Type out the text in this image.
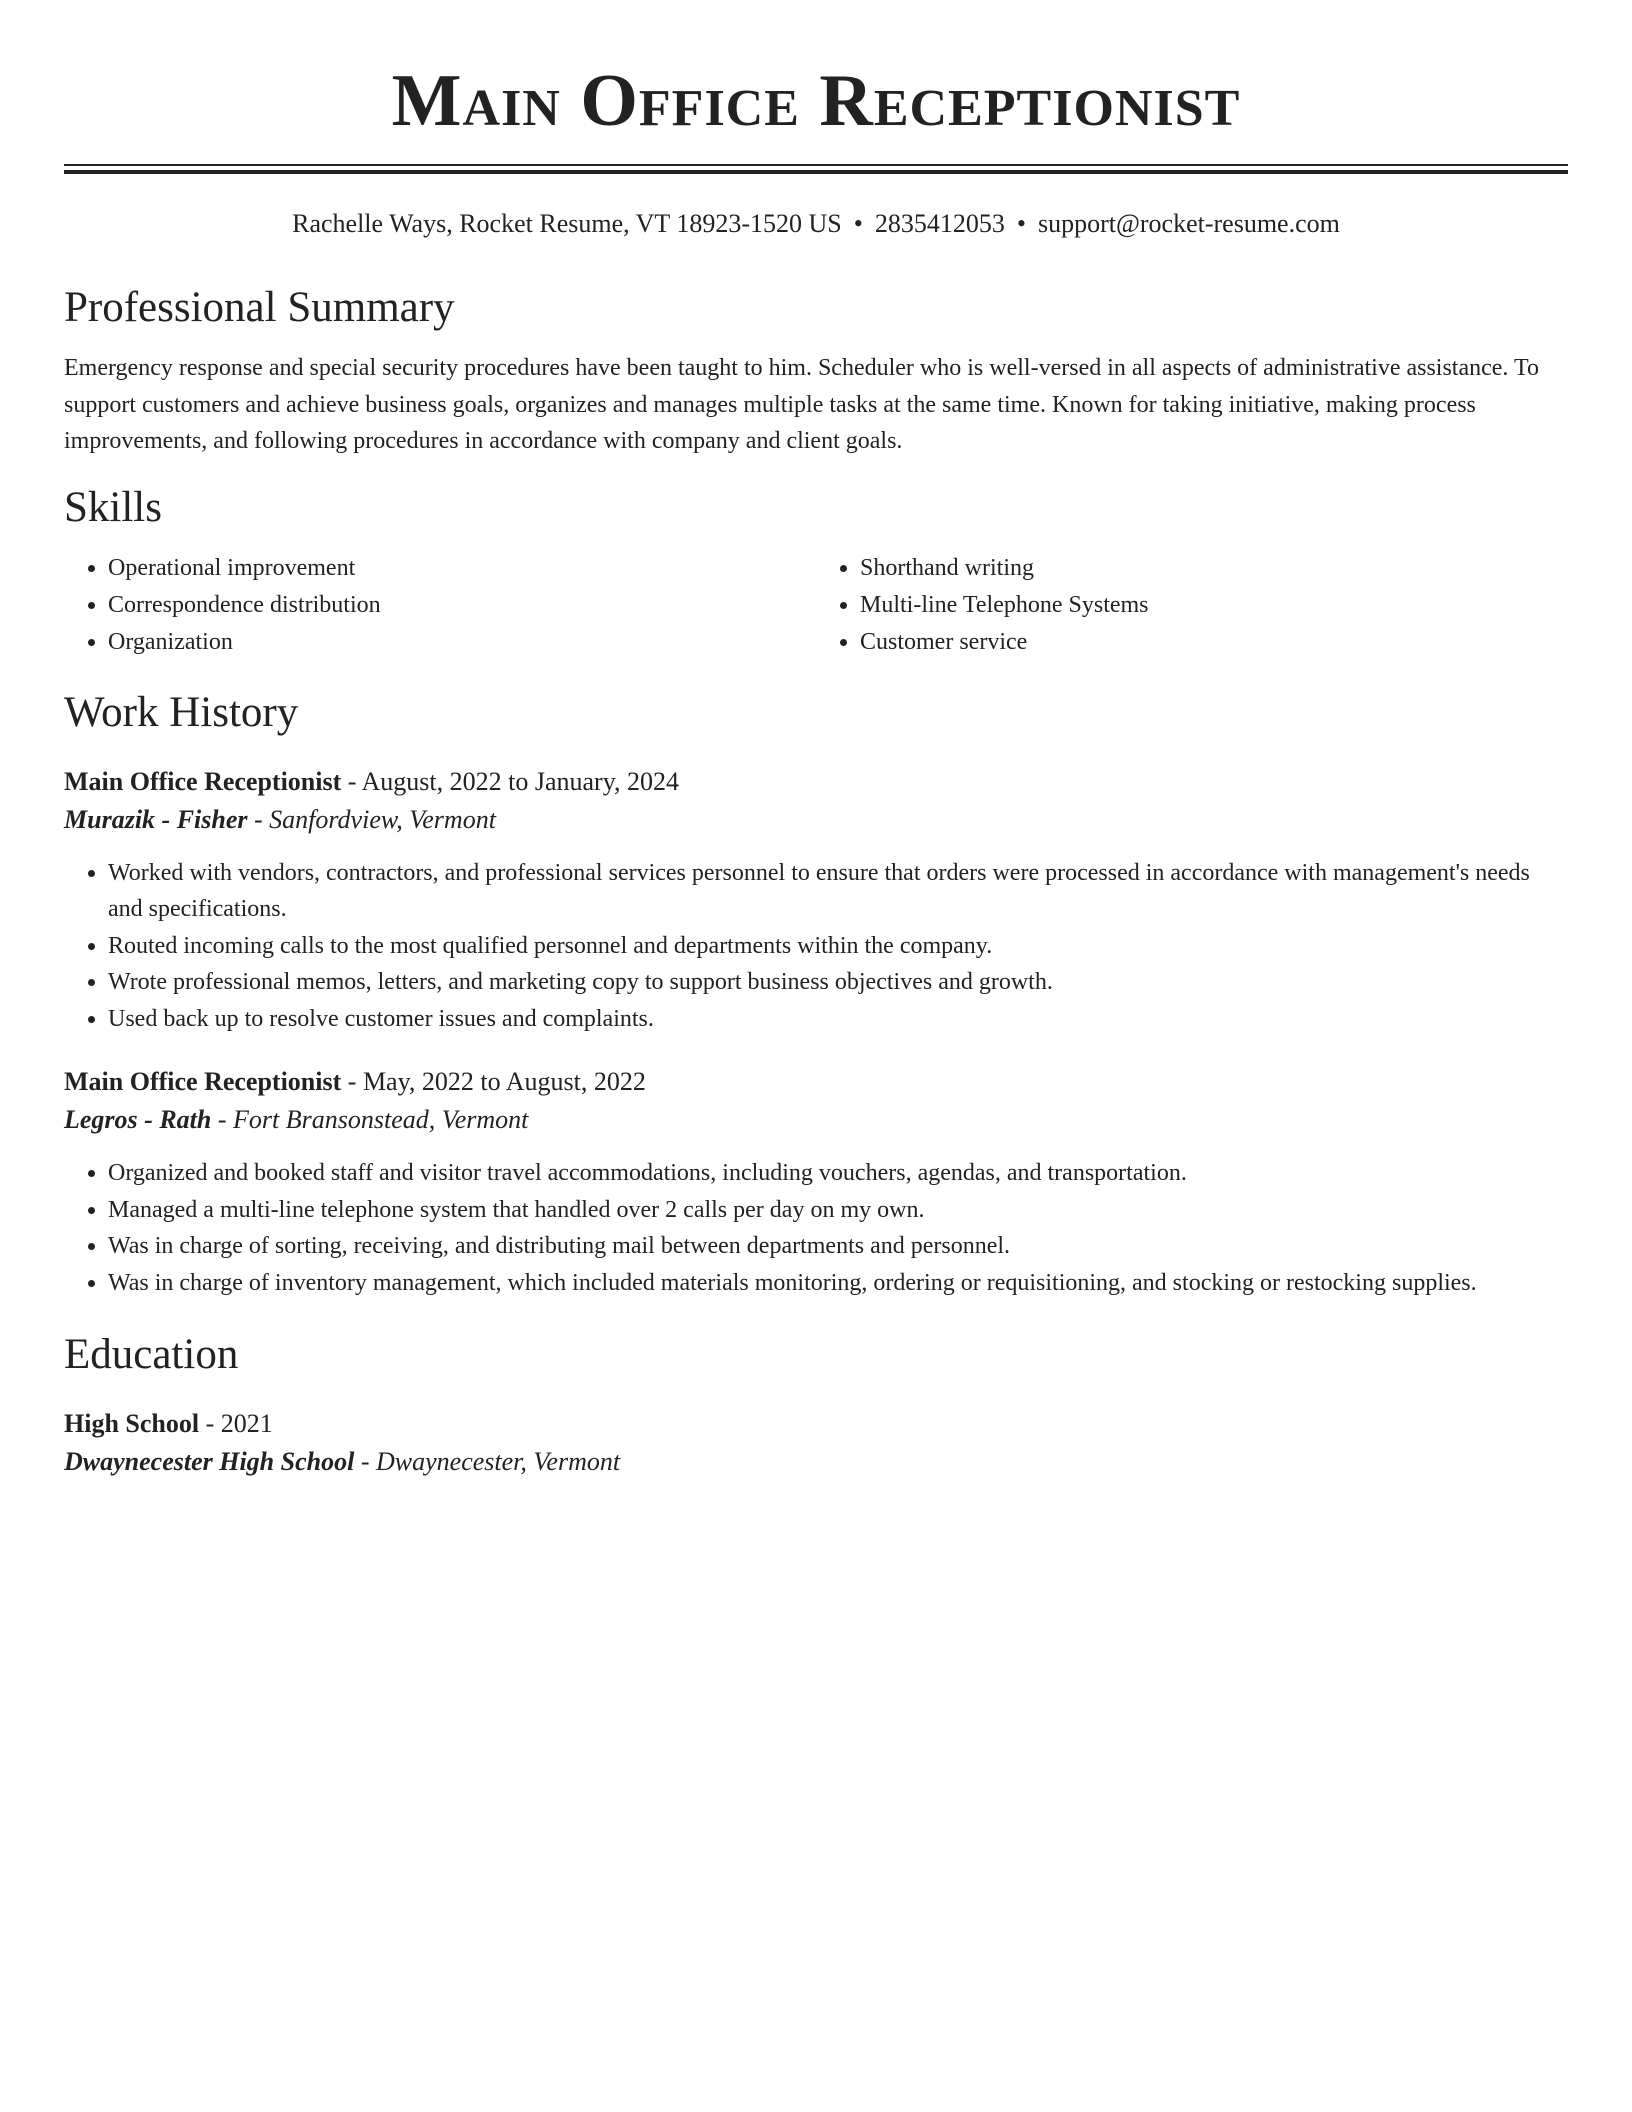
Main Office Receptionist
Rachelle Ways, Rocket Resume, VT 18923-1520 US • 2835412053 • support@rocket-resume.com
Professional Summary

Emergency response and special security procedures have been taught to him. Scheduler who is well-versed in all aspects of administrative assistance. To support customers and achieve business goals, organizes and manages multiple tasks at the same time. Known for taking initiative, making process improvements, and following procedures in accordance with company and client goals.

Skills
• Operational improvement
• Correspondence distribution
• Organization
• Shorthand writing
• Multi-line Telephone Systems
• Customer service
Work History
Main Office Receptionist - August, 2022 to January, 2024
Murazik - Fisher - Sanfordview, Vermont
• Worked with vendors, contractors, and professional services personnel to ensure that orders were processed in accordance with management's needs and specifications.
• Routed incoming calls to the most qualified personnel and departments within the company.
• Wrote professional memos, letters, and marketing copy to support business objectives and growth.
• Used back up to resolve customer issues and complaints.
Main Office Receptionist - May, 2022 to August, 2022
Legros - Rath - Fort Bransonstead, Vermont
• Organized and booked staff and visitor travel accommodations, including vouchers, agendas, and transportation.
• Managed a multi-line telephone system that handled over 2 calls per day on my own.
• Was in charge of sorting, receiving, and distributing mail between departments and personnel.
• Was in charge of inventory management, which included materials monitoring, ordering or requisitioning, and stocking or restocking supplies.
Education
High School - 2021
Dwaynecester High School - Dwaynecester, Vermont
